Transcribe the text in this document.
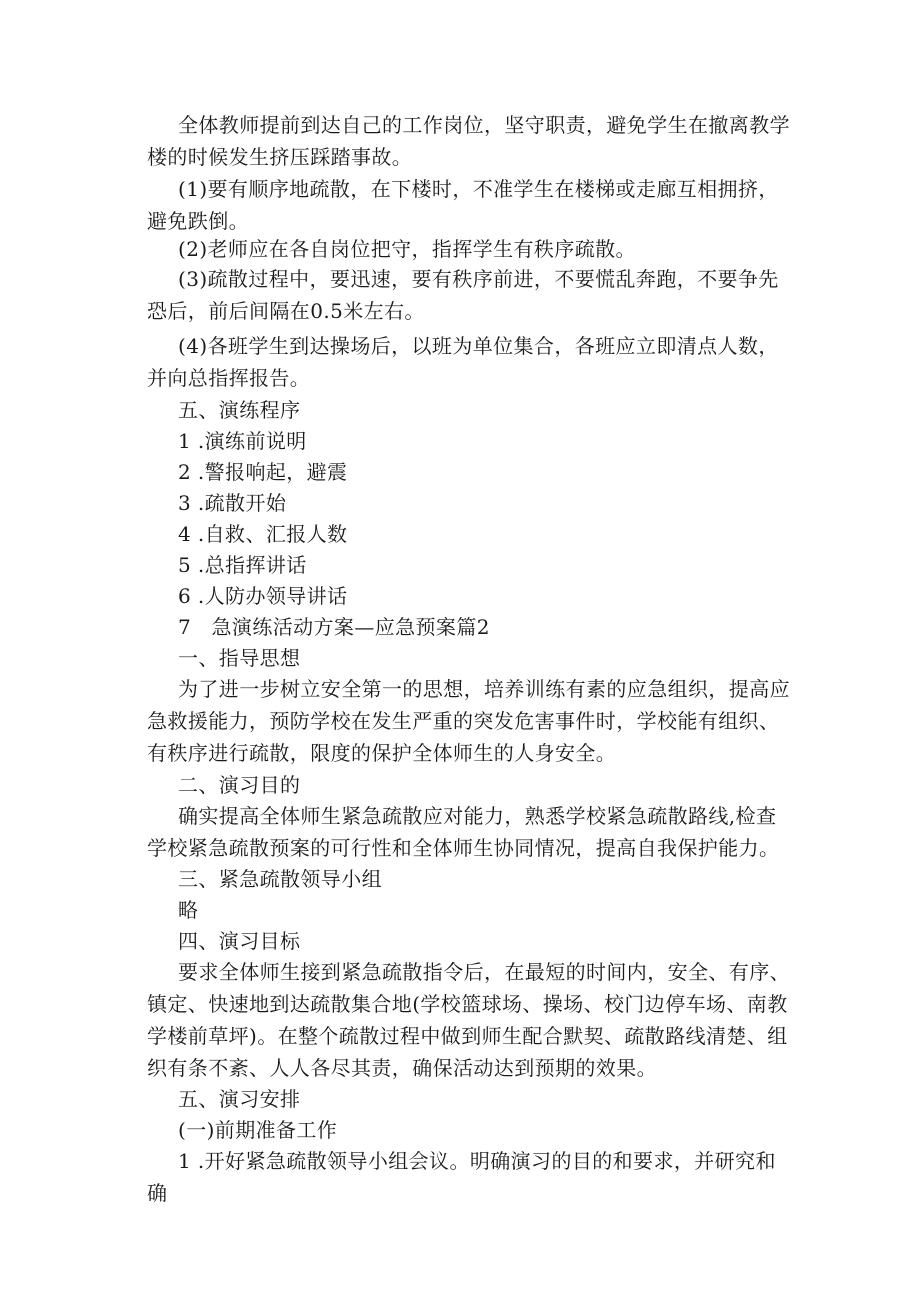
全体教师提前到达自己的工作岗位，坚守职责，避免学生在撤离教学楼的时候发生挤压踩踏事故。

(1)要有顺序地疏散，在下楼时，不准学生在楼梯或走廊互相拥挤，避免跌倒。

(2)老师应在各自岗位把守，指挥学生有秩序疏散。

(3)疏散过程中，要迅速，要有秩序前进，不要慌乱奔跑，不要争先恐后，前后间隔在0.5米左右。

(4)各班学生到达操场后，以班为单位集合，各班应立即清点人数，并向总指挥报告。

五、演练程序

1 .演练前说明

2 .警报响起，避震

3 .疏散开始

4 .自救、汇报人数

5 .总指挥讲话

6 .人防办领导讲话

7　急演练活动方案—应急预案篇2

一、指导思想

为了进一步树立安全第一的思想，培养训练有素的应急组织，提高应急救援能力，预防学校在发生严重的突发危害事件时，学校能有组织、有秩序进行疏散，限度的保护全体师生的人身安全。

二、演习目的

确实提高全体师生紧急疏散应对能力，熟悉学校紧急疏散路线,检查学校紧急疏散预案的可行性和全体师生协同情况，提高自我保护能力。

三、紧急疏散领导小组

略

四、演习目标

要求全体师生接到紧急疏散指令后，在最短的时间内，安全、有序、镇定、快速地到达疏散集合地(学校篮球场、操场、校门边停车场、南教学楼前草坪)。在整个疏散过程中做到师生配合默契、疏散路线清楚、组织有条不紊、人人各尽其责，确保活动达到预期的效果。

五、演习安排

(一)前期准备工作

1 .开好紧急疏散领导小组会议。明确演习的目的和要求，并研究和确
